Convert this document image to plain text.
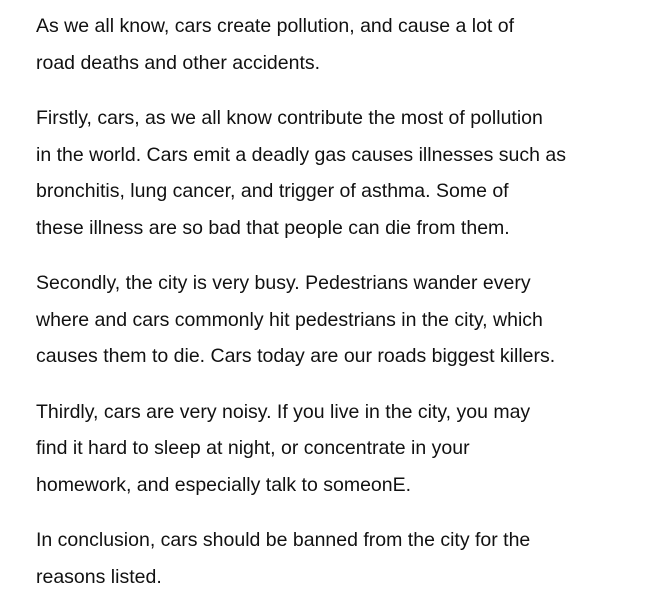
As we all know, cars create pollution, and cause a lot of
road deaths and other accidents.

Firstly, cars, as we all know contribute the most of pollution
in the world. Cars emit a deadly gas causes illnesses such as
bronchitis, lung cancer, and trigger of asthma. Some of
these illness are so bad that people can die from them.

Secondly, the city is very busy. Pedestrians wander every
where and cars commonly hit pedestrians in the city, which
causes them to die. Cars today are our roads biggest killers.

Thirdly, cars are very noisy. If you live in the city, you may
find it hard to sleep at night, or concentrate in your
homework, and especially talk to someonE.

In conclusion, cars should be banned from the city for the
reasons listed.
